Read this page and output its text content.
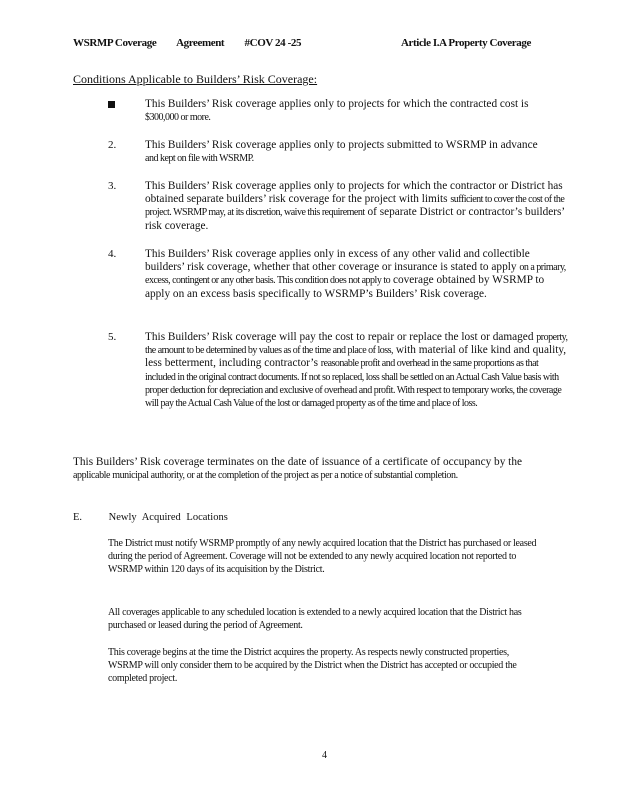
WSRMP Coverage Agreement #COV 24 -25	Article I.A Property Coverage
Conditions Applicable to Builders’ Risk Coverage:
This Builders’ Risk coverage applies only to projects for which the contracted cost is
$300,000 or more.
2.	This Builders’ Risk coverage applies only to projects submitted to WSRMP in advance
and kept on file with WSRMP.
3.	This Builders’ Risk coverage applies only to projects for which the contractor or District has obtained separate builders’ risk coverage for the project with limits sufficient to cover the cost of the project. WSRMP may, at its discretion, waive this requirement of separate District or contractor’s builders’ risk coverage.
4.	This Builders’ Risk coverage applies only in excess of any other valid and collectible builders’ risk coverage, whether that other coverage or insurance is stated to apply on a primary, excess, contingent or any other basis. This condition does not apply to coverage obtained by WSRMP to apply on an excess basis specifically to WSRMP’s Builders’ Risk coverage.
5.	This Builders’ Risk coverage will pay the cost to repair or replace the lost or damaged property, the amount to be determined by values as of the time and place of loss, with material of like kind and quality, less betterment, including contractor’s reasonable profit and overhead in the same proportions as that included in the original contract documents. If not so replaced, loss shall be settled on an Actual Cash Value basis with proper deduction for depreciation and exclusive of overhead and profit. With respect to temporary works, the coverage will pay the Actual Cash Value of the lost or damaged property as of the time and place of loss.
This Builders’ Risk coverage terminates on the date of issuance of a certificate of occupancy by the applicable municipal authority, or at the completion of the project as per a notice of substantial completion.
E.	Newly Acquired Locations
The District must notify WSRMP promptly of any newly acquired location that the District has purchased or leased during the period of Agreement. Coverage will not be extended to any newly acquired location not reported to WSRMP within 120 days of its acquisition by the District.
All coverages applicable to any scheduled location is extended to a newly acquired location that the District has purchased or leased during the period of Agreement.
This coverage begins at the time the District acquires the property. As respects newly constructed properties, WSRMP will only consider them to be acquired by the District when the District has accepted or occupied the completed project.
4
